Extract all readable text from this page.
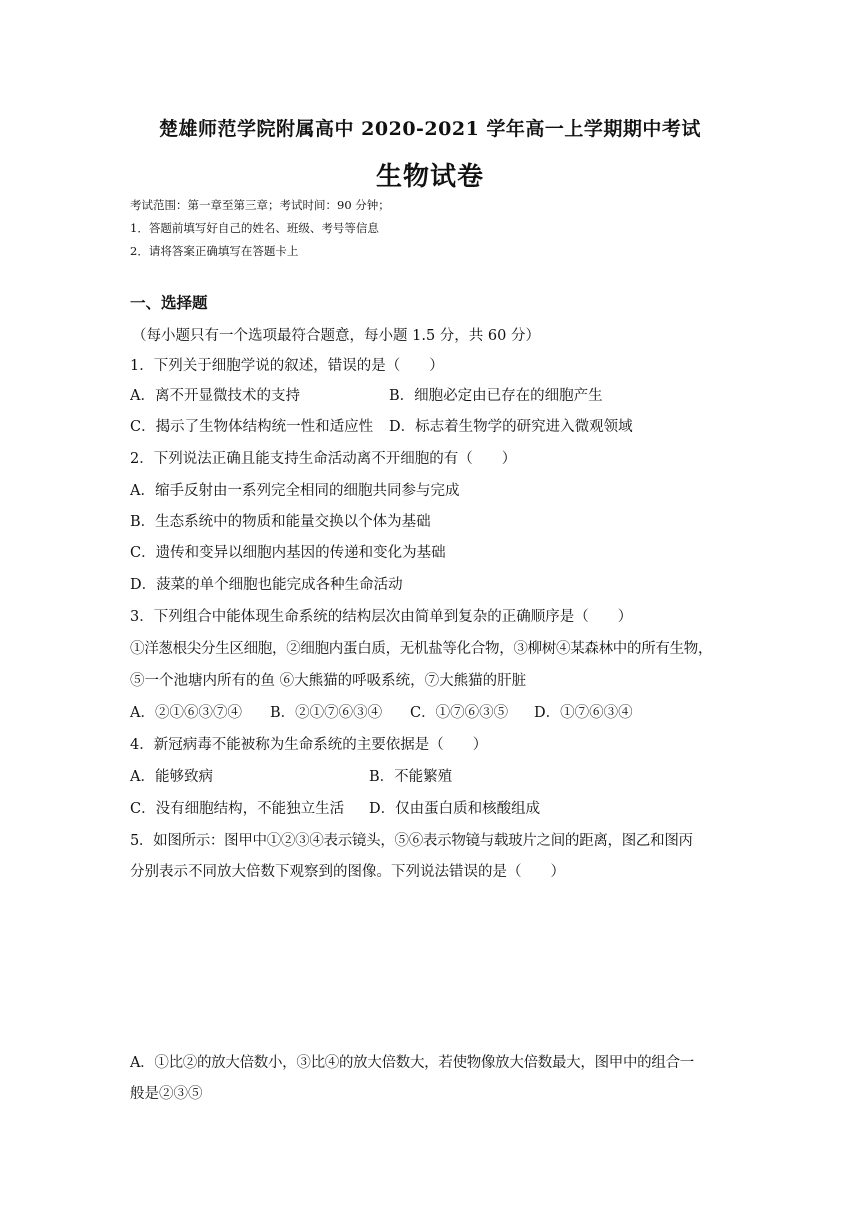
楚雄师范学院附属高中 2020-2021 学年高一上学期期中考试
生物试卷
考试范围：第一章至第三章；考试时间：90 分钟；
1．答题前填写好自己的姓名、班级、考号等信息
2．请将答案正确填写在答题卡上
一、选择题
（每小题只有一个选项最符合题意，每小题 1.5 分，共 60 分）
1．下列关于细胞学说的叙述，错误的是（　　）
A．离不开显微技术的支持	B．细胞必定由已存在的细胞产生
C．揭示了生物体结构统一性和适应性 D．标志着生物学的研究进入微观领域
2．下列说法正确且能支持生命活动离不开细胞的有（　　）
A．缩手反射由一系列完全相同的细胞共同参与完成
B．生态系统中的物质和能量交换以个体为基础
C．遗传和变异以细胞内基因的传递和变化为基础
D．菠菜的单个细胞也能完成各种生命活动
3．下列组合中能体现生命系统的结构层次由简单到复杂的正确顺序是（　　）
①洋葱根尖分生区细胞，②细胞内蛋白质，无机盐等化合物，③柳树④某森林中的所有生物，
⑤一个池塘内所有的鱼 ⑥大熊猫的呼吸系统，⑦大熊猫的肝脏
A．②①⑥③⑦④ B．②①⑦⑥③④ C．①⑦⑥③⑤ D．①⑦⑥③④
4．新冠病毒不能被称为生命系统的主要依据是（　　）
A．能够致病	B．不能繁殖
C．没有细胞结构，不能独立生活 D．仅由蛋白质和核酸组成
5．如图所示：图甲中①②③④表示镜头，⑤⑥表示物镜与载玻片之间的距离，图乙和图丙
分别表示不同放大倍数下观察到的图像。下列说法错误的是（　　）
A．①比②的放大倍数小，③比④的放大倍数大，若使物像放大倍数最大，图甲中的组合一
般是②③⑤
